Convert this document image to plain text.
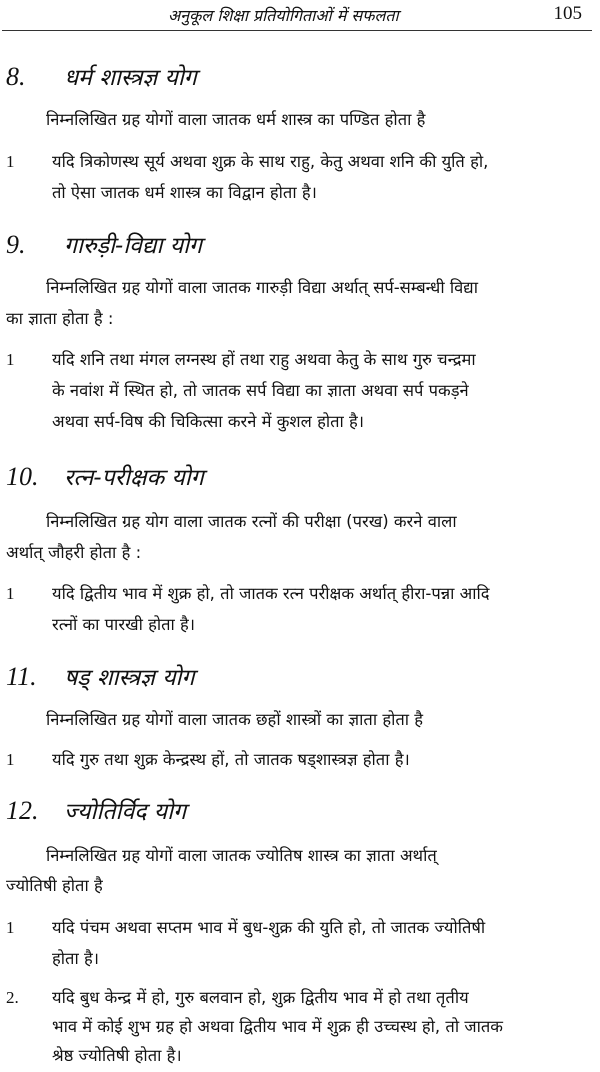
अनुकूल शिक्षा प्रतियोगिताओं में सफलता	105
8. धर्म शास्त्रज्ञ योग
निम्नलिखित ग्रह योगों वाला जातक धर्म शास्त्र का पण्डित होता है
1 यदि त्रिकोणस्थ सूर्य अथवा शुक्र के साथ राहु, केतु अथवा शनि की युति हो,
तो ऐसा जातक धर्म शास्त्र का विद्वान होता है।
9. गारुड़ी-विद्या योग
निम्नलिखित ग्रह योगों वाला जातक गारुड़ी विद्या अर्थात् सर्प-सम्बन्धी विद्या
का ज्ञाता होता है :
1 यदि शनि तथा मंगल लग्नस्थ हों तथा राहु अथवा केतु के साथ गुरु चन्द्रमा
के नवांश में स्थित हो, तो जातक सर्प विद्या का ज्ञाता अथवा सर्प पकड़ने
अथवा सर्प-विष की चिकित्सा करने में कुशल होता है।
10. रत्न-परीक्षक योग
निम्नलिखित ग्रह योग वाला जातक रत्नों की परीक्षा (परख) करने वाला
अर्थात् जौहरी होता है :
1 यदि द्वितीय भाव में शुक्र हो, तो जातक रत्न परीक्षक अर्थात् हीरा-पन्ना आदि
रत्नों का पारखी होता है।
11. षड् शास्त्रज्ञ योग
निम्नलिखित ग्रह योगों वाला जातक छहों शास्त्रों का ज्ञाता होता है
1 यदि गुरु तथा शुक्र केन्द्रस्थ हों, तो जातक षड्शास्त्रज्ञ होता है।
12. ज्योतिर्विद योग
निम्नलिखित ग्रह योगों वाला जातक ज्योतिष शास्त्र का ज्ञाता अर्थात्
ज्योतिषी होता है
1 यदि पंचम अथवा सप्तम भाव में बुध-शुक्र की युति हो, तो जातक ज्योतिषी
होता है।
2. यदि बुध केन्द्र में हो, गुरु बलवान हो, शुक्र द्वितीय भाव में हो तथा तृतीय
भाव में कोई शुभ ग्रह हो अथवा द्वितीय भाव में शुक्र ही उच्चस्थ हो, तो जातक
श्रेष्ठ ज्योतिषी होता है।
